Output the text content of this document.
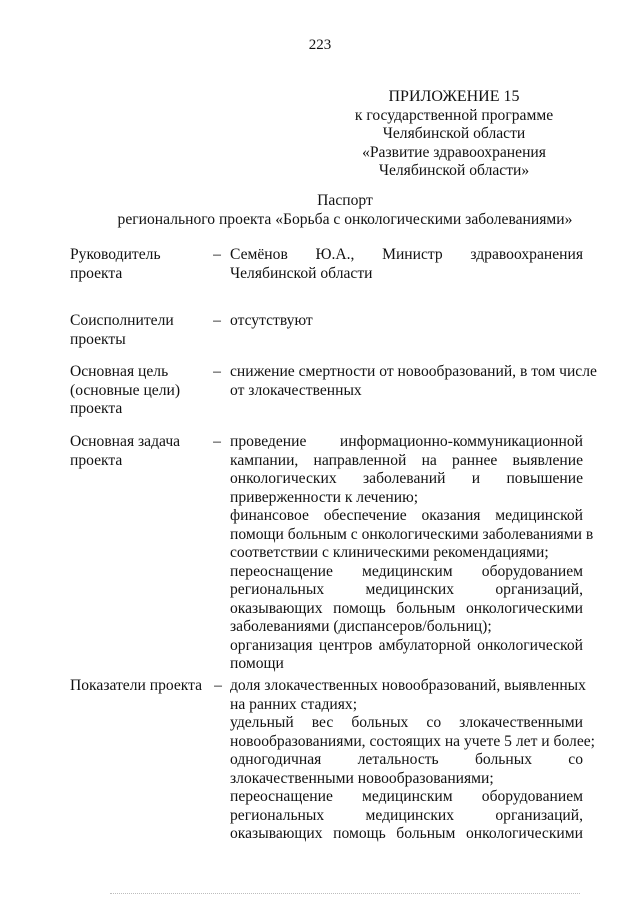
223
ПРИЛОЖЕНИЕ 15
к государственной программе
Челябинской области
«Развитие здравоохранения
Челябинской области»
Паспорт
регионального проекта «Борьба с онкологическими заболеваниями»
Руководитель
проекта
– Семёнов Ю.А., Министр здравоохранения
Челябинской области
Соисполнители
проекты
– отсутствуют
Основная цель
(основные цели)
проекта
– снижение смертности от новообразований, в том числе
от злокачественных
Основная задача
проекта
– проведение информационно-коммуникационной
кампании, направленной на раннее выявление
онкологических заболеваний и повышение
приверженности к лечению;
финансовое обеспечение оказания медицинской
помощи больным с онкологическими заболеваниями в
соответствии с клиническими рекомендациями;
переоснащение медицинским оборудованием
региональных медицинских организаций,
оказывающих помощь больным онкологическими
заболеваниями (диспансеров/больниц);
организация центров амбулаторной онкологической
помощи
Показатели проекта – доля злокачественных новообразований, выявленных
на ранних стадиях;
удельный вес больных со злокачественными
новообразованиями, состоящих на учете 5 лет и более;
одногодичная летальность больных со
злокачественными новообразованиями;
переоснащение медицинским оборудованием
региональных медицинских организаций,
оказывающих помощь больным онкологическими
